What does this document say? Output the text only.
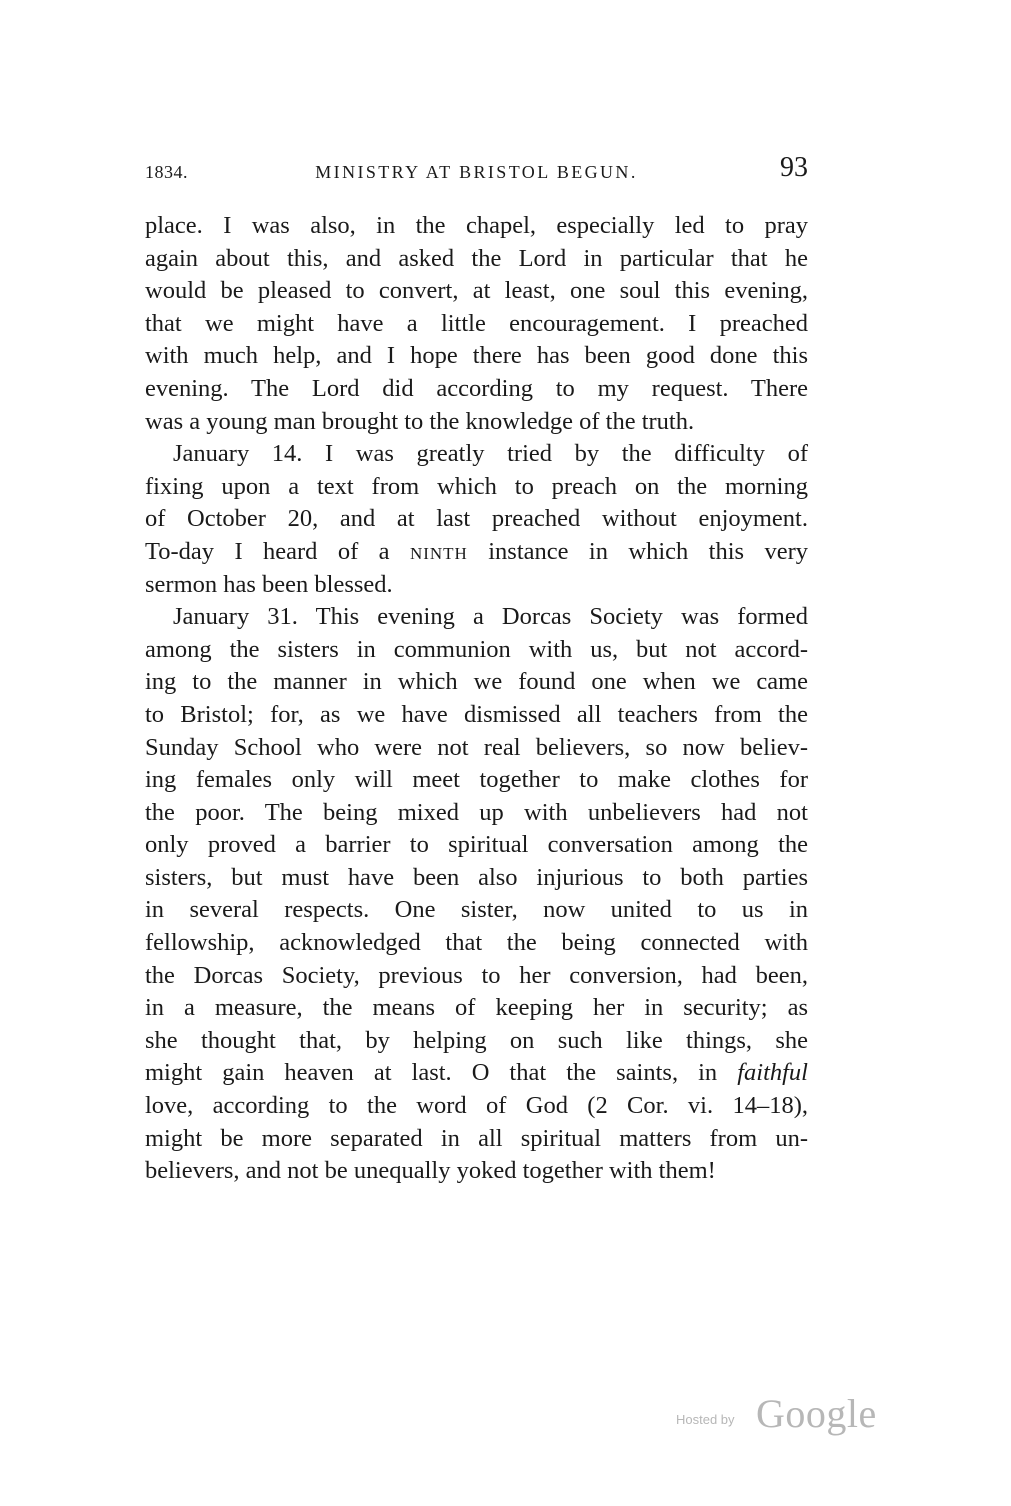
1834.	MINISTRY AT BRISTOL BEGUN.	93
place. I was also, in the chapel, especially led to pray
again about this, and asked the Lord in particular that he
would be pleased to convert, at least, one soul this evening,
that we might have a little encouragement. I preached
with much help, and I hope there has been good done this
evening. The Lord did according to my request. There
was a young man brought to the knowledge of the truth.
January 14. I was greatly tried by the difficulty of
fixing upon a text from which to preach on the morning
of October 20, and at last preached without enjoyment.
To-day I heard of a ninth instance in which this very
sermon has been blessed.
January 31. This evening a Dorcas Society was formed
among the sisters in communion with us, but not accord-
ing to the manner in which we found one when we came
to Bristol; for, as we have dismissed all teachers from the
Sunday School who were not real believers, so now believ-
ing females only will meet together to make clothes for
the poor. The being mixed up with unbelievers had not
only proved a barrier to spiritual conversation among the
sisters, but must have been also injurious to both parties
in several respects. One sister, now united to us in
fellowship, acknowledged that the being connected with
the Dorcas Society, previous to her conversion, had been,
in a measure, the means of keeping her in security; as
she thought that, by helping on such like things, she
might gain heaven at last. O that the saints, in faithful
love, according to the word of God (2 Cor. vi. 14–18),
might be more separated in all spiritual matters from un-
believers, and not be unequally yoked together with them!
Hosted by Google
